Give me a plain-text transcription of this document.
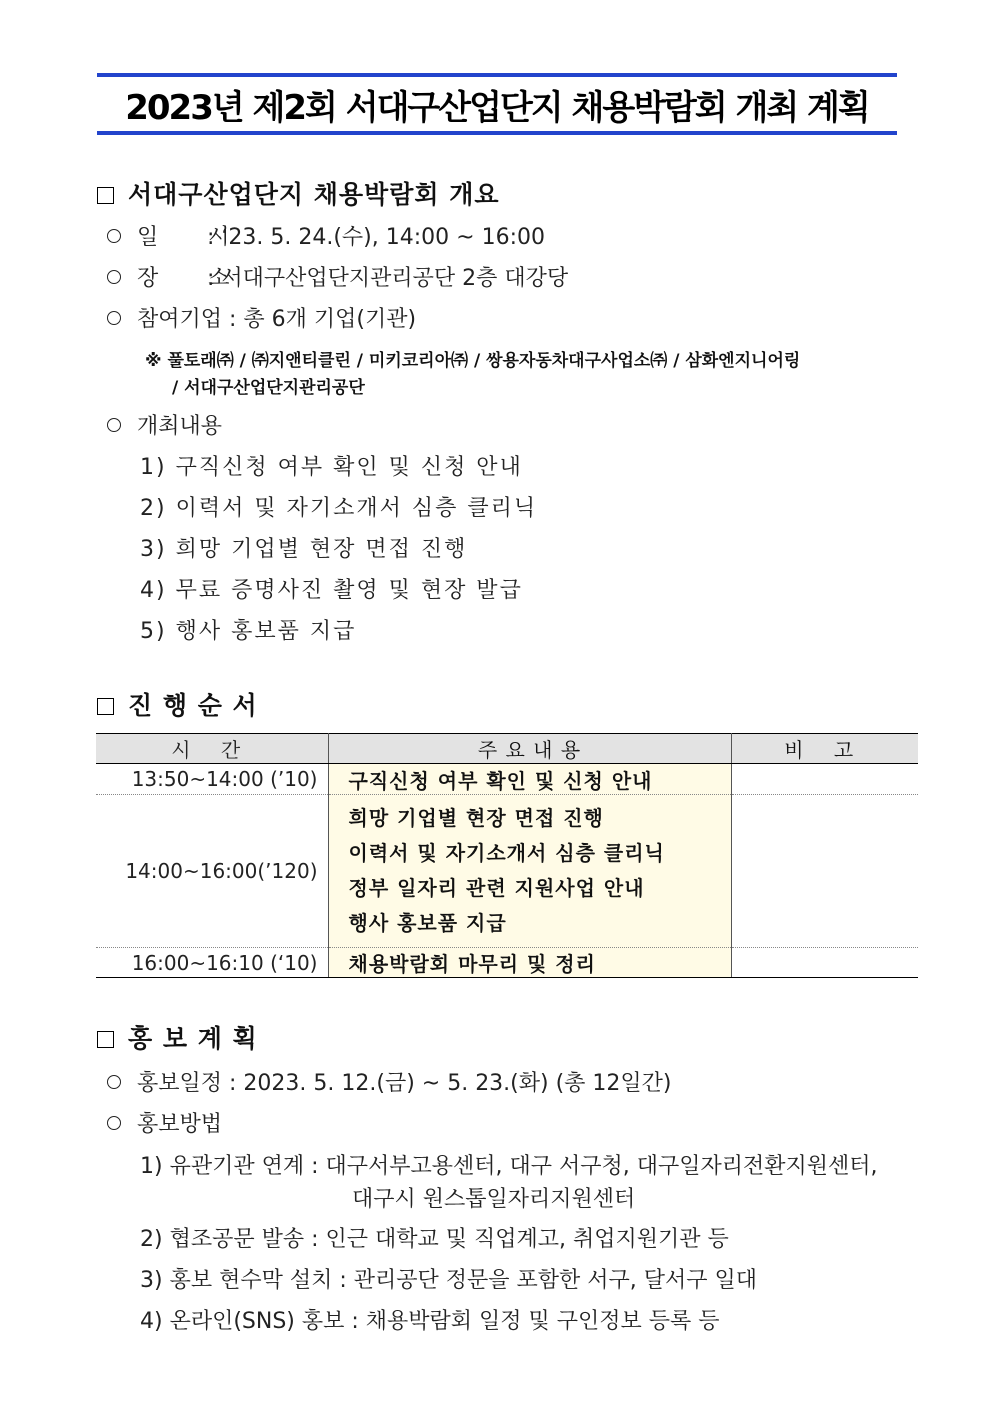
2023년 제2회 서대구산업단지 채용박람회 개최 계획
서대구산업단지 채용박람회 개요
일　　시: ‘23. 5. 24.(수), 14:00 ~ 16:00
장　　소: 서대구산업단지관리공단 2층 대강당
참여기업 : 총 6개 기업(기관)
※ 풀토래㈜ / ㈜지앤티클린 / 미키코리아㈜ / 쌍용자동차대구사업소㈜ / 삼화엔지니어링
/ 서대구산업단지관리공단
개최내용
1) 구직신청 여부 확인 및 신청 안내
2) 이력서 및 자기소개서 심층 클리닉
3) 희망 기업별 현장 면접 진행
4) 무료 증명사진 촬영 및 현장 발급
5) 행사 홍보품 지급
진 행 순 서
시 간	주 요 내 용	비 고
13:50~14:00 (’10)	구직신청 여부 확인 및 신청 안내	
14:00~16:00(’120)	희망 기업별 현장 면접 진행
이력서 및 자기소개서 심층 클리닉
정부 일자리 관련 지원사업 안내
행사 홍보품 지급	

16:00~16:10 (‘10)	채용박람회 마무리 및 정리	
홍 보 계 획
홍보일정 : 2023. 5. 12.(금) ~ 5. 23.(화) (총 12일간)
홍보방법
1) 유관기관 연계 : 대구서부고용센터, 대구 서구청, 대구일자리전환지원센터,
대구시 원스톱일자리지원센터
2) 협조공문 발송 : 인근 대학교 및 직업계고, 취업지원기관 등
3) 홍보 현수막 설치 : 관리공단 정문을 포함한 서구, 달서구 일대
4) 온라인(SNS) 홍보 : 채용박람회 일정 및 구인정보 등록 등
